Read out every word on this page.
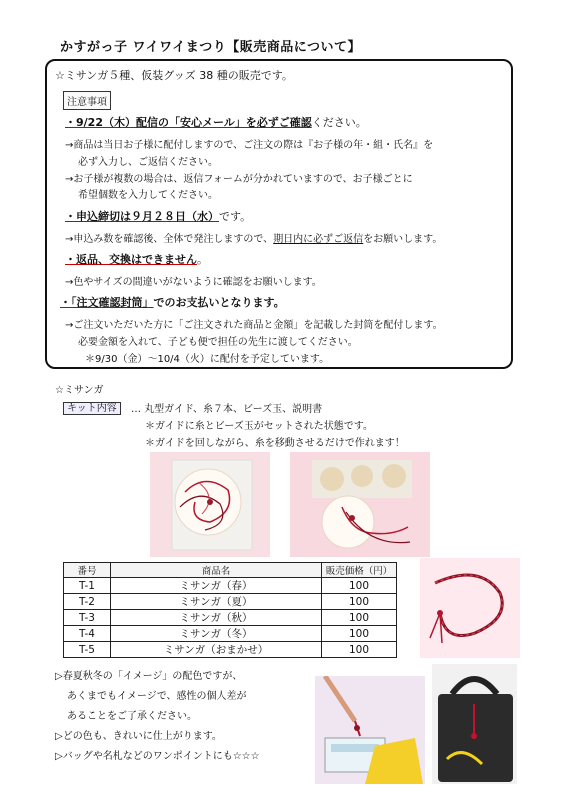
かすがっ子 ワイワイまつり【販売商品について】
☆ミサンガ５種、仮装グッズ 38 種の販売です。
注意事項
・9/22（木）配信の「安心メール」を必ずご確認ください。
→商品は当日お子様に配付しますので、ご注文の際は『お子様の年・組・氏名』を
必ず入力し、ご返信ください。
→お子様が複数の場合は、返信フォームが分かれていますので、お子様ごとに
希望個数を入力してください。
・申込締切は９月２８日（水）です。
→申込み数を確認後、全体で発注しますので、期日内に必ずご返信をお願いします。
・返品、交換はできません。
→色やサイズの間違いがないように確認をお願いします。
・「注文確認封筒」でのお支払いとなります。
→ご注文いただいた方に「ご注文された商品と金額」を記載した封筒を配付します。
必要金額を入れて、子ども便で担任の先生に渡してください。
＊9/30（金）～10/4（火）に配付を予定しています。
☆ミサンガ
キット内容	… 丸型ガイド、糸７本、ビーズ玉、説明書
＊ガイドに糸とビーズ玉がセットされた状態です。
＊ガイドを回しながら、糸を移動させるだけで作れます！
番号	商品名	販売価格（円）
T-1	ミサンガ（春）	100
T-2	ミサンガ（夏）	100
T-3	ミサンガ（秋）	100
T-4	ミサンガ（冬）	100
T-5	ミサンガ（おまかせ）	100
▷春夏秋冬の「イメージ」の配色ですが、
あくまでもイメージで、感性の個人差が
あることをご了承ください。
▷どの色も、きれいに仕上がります。
▷バッグや名札などのワンポイントにも☆☆☆
